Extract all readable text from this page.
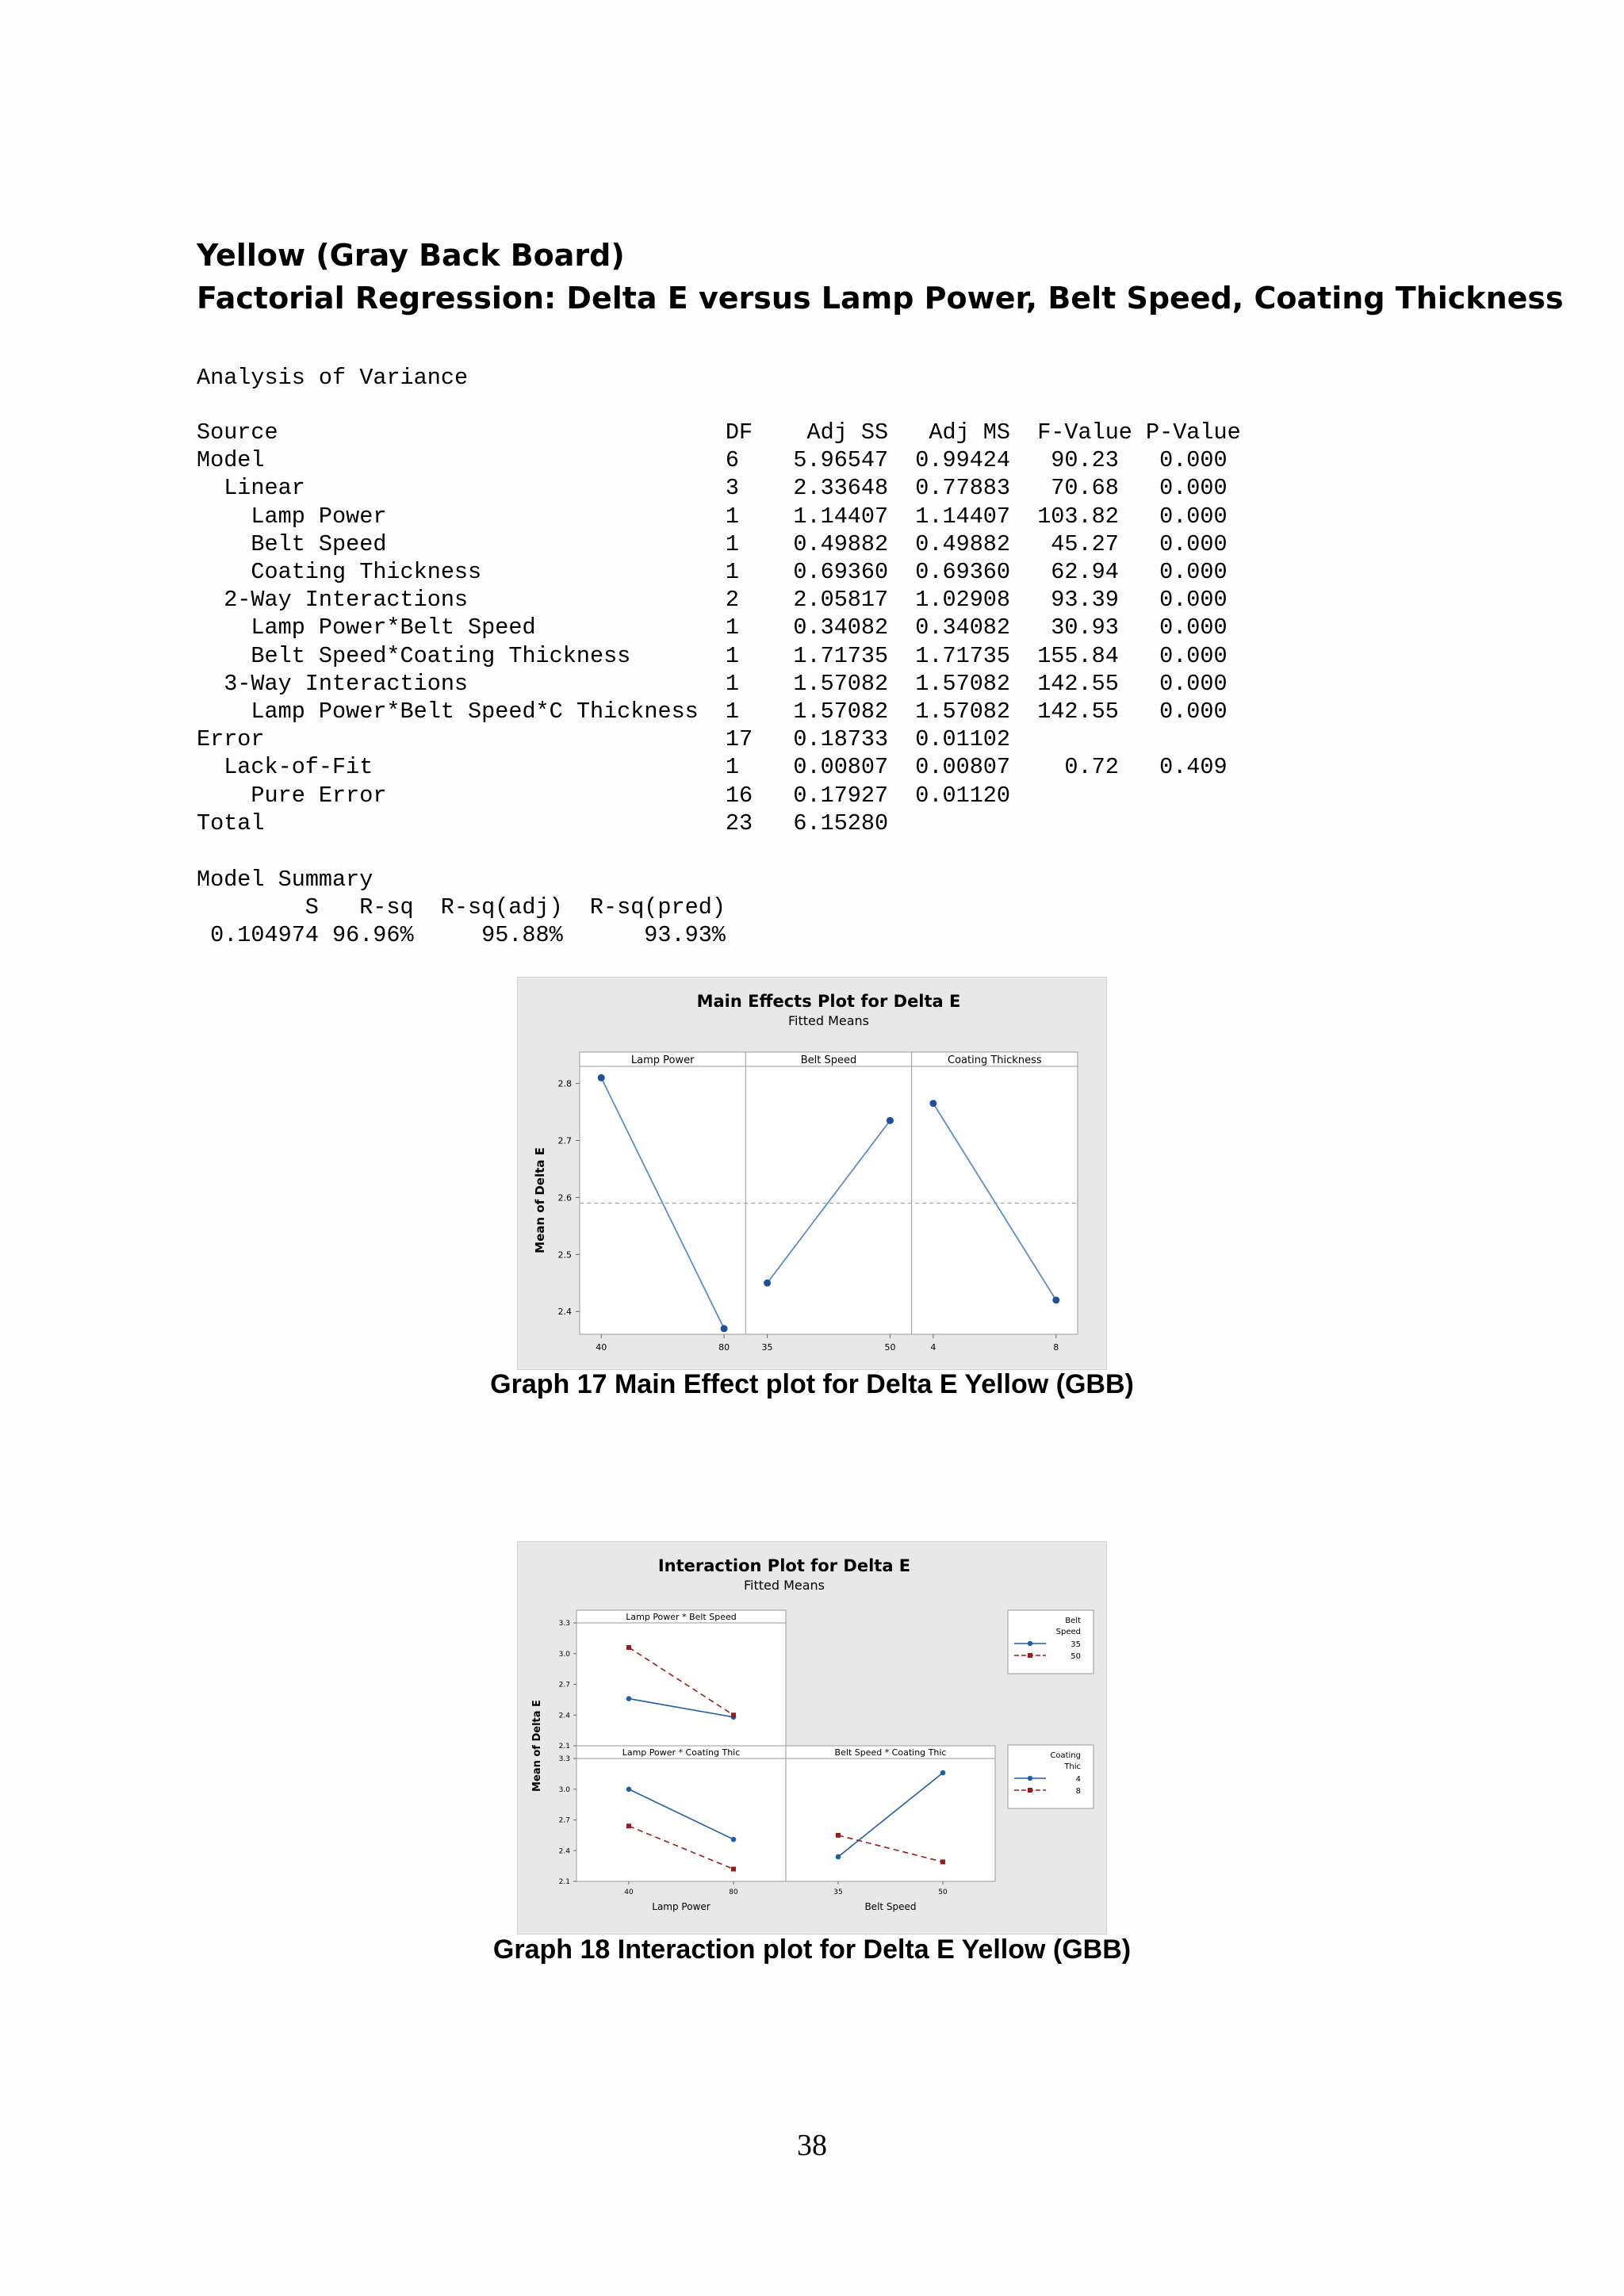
Yellow (Gray Back Board)
Factorial Regression: Delta E versus Lamp Power, Belt Speed, Coating Thickness
Analysis of Variance
Source	DF Adj SS Adj MS F-Value P-Value
Model	6 5.96547 0.99424 90.23 0.000
Linear	3 2.33648 0.77883 70.68 0.000
Lamp Power	1 1.14407 1.14407 103.82 0.000
Belt Speed	1 0.49882 0.49882 45.27 0.000
Coating Thickness	1 0.69360 0.69360 62.94 0.000
2-Way Interactions	2 2.05817 1.02908 93.39 0.000
Lamp Power*Belt Speed	1 0.34082 0.34082 30.93 0.000
Belt Speed*Coating Thickness	1 1.71735 1.71735 155.84 0.000
3-Way Interactions	1 1.57082 1.57082 142.55 0.000
Lamp Power*Belt Speed*C Thickness 1 1.57082 1.57082 142.55 0.000
Error	17 0.18733 0.01102
Lack-of-Fit	1 0.00807 0.00807 0.72 0.409
Pure Error	16 0.17927 0.01120
Total	23 6.15280
Model Summary
S R-sq R-sq(adj) R-sq(pred)
0.104974 96.96%	95.88%	93.93%
Main Effects Plot for Delta E
Fitted Means
2.4
2.5
2.6
2.7
2.8
Mean of Delta E
Lamp Power
40	80
Belt Speed
35	50
Coating Thickness
4	8

Graph 17 Main Effect plot for Delta E Yellow (GBB)

Interaction Plot for Delta E
Fitted Means
Lamp Power * Belt Speed
2.1
2.4
2.7
3.0
3.3
Lamp Power * Coating Thic
2.1
2.4
2.7
3.0
3.3
40	80
Lamp Power
Belt Speed * Coating Thic
35	50
Belt Speed
Mean of Delta E
Belt
Speed
35
50
Coating
Thic
4
8

Graph 18 Interaction plot for Delta E Yellow (GBB)

38
